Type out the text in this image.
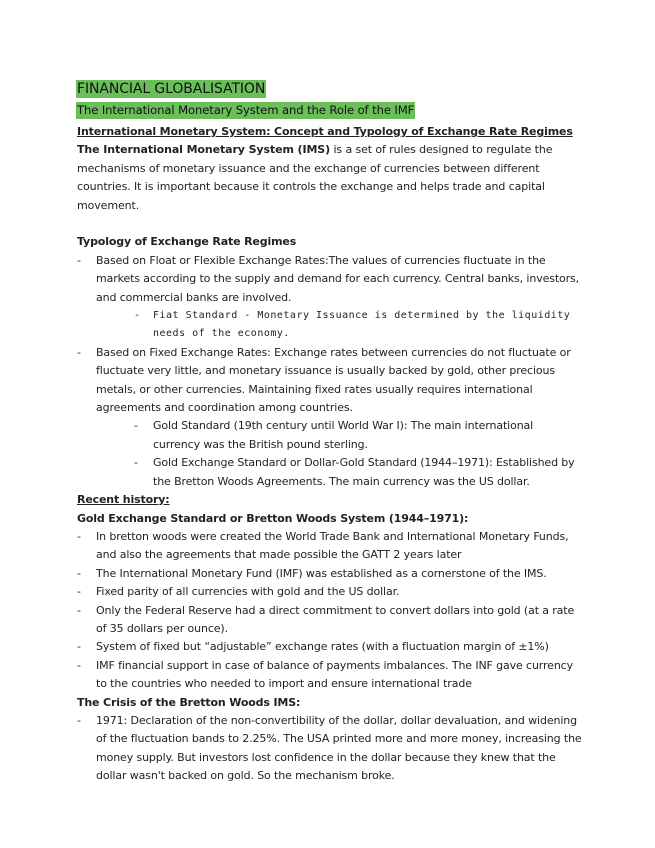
FINANCIAL GLOBALISATION
The International Monetary System and the Role of the IMF
International Monetary System: Concept and Typology of Exchange Rate Regimes

The International Monetary System (IMS) is a set of rules designed to regulate the mechanisms of monetary issuance and the exchange of currencies between different countries. It is important because it controls the exchange and helps trade and capital movement.

Typology of Exchange Rate Regimes
- Based on Float or Flexible Exchange Rates:The values of currencies fluctuate in the markets according to the supply and demand for each currency. Central banks, investors, and commercial banks are involved.
- Fiat Standard - Monetary Issuance is determined by the liquidity needs of the economy.
- Based on Fixed Exchange Rates: Exchange rates between currencies do not fluctuate or fluctuate very little, and monetary issuance is usually backed by gold, other precious metals, or other currencies. Maintaining fixed rates usually requires international agreements and coordination among countries.
- Gold Standard (19th century until World War I): The main international currency was the British pound sterling.
- Gold Exchange Standard or Dollar-Gold Standard (1944–1971): Established by the Bretton Woods Agreements. The main currency was the US dollar.
Recent history:
Gold Exchange Standard or Bretton Woods System (1944–1971):
- In bretton woods were created the World Trade Bank and International Monetary Funds, and also the agreements that made possible the GATT 2 years later
- The International Monetary Fund (IMF) was established as a cornerstone of the IMS.
- Fixed parity of all currencies with gold and the US dollar.
- Only the Federal Reserve had a direct commitment to convert dollars into gold (at a rate of 35 dollars per ounce).
- System of fixed but “adjustable” exchange rates (with a fluctuation margin of ±1%)
- IMF financial support in case of balance of payments imbalances. The INF gave currency to the countries who needed to import and ensure international trade
The Crisis of the Bretton Woods IMS:
- 1971: Declaration of the non-convertibility of the dollar, dollar devaluation, and widening of the fluctuation bands to 2.25%. The USA printed more and more money, increasing the money supply. But investors lost confidence in the dollar because they knew that the dollar wasn't backed on gold. So the mechanism broke.
